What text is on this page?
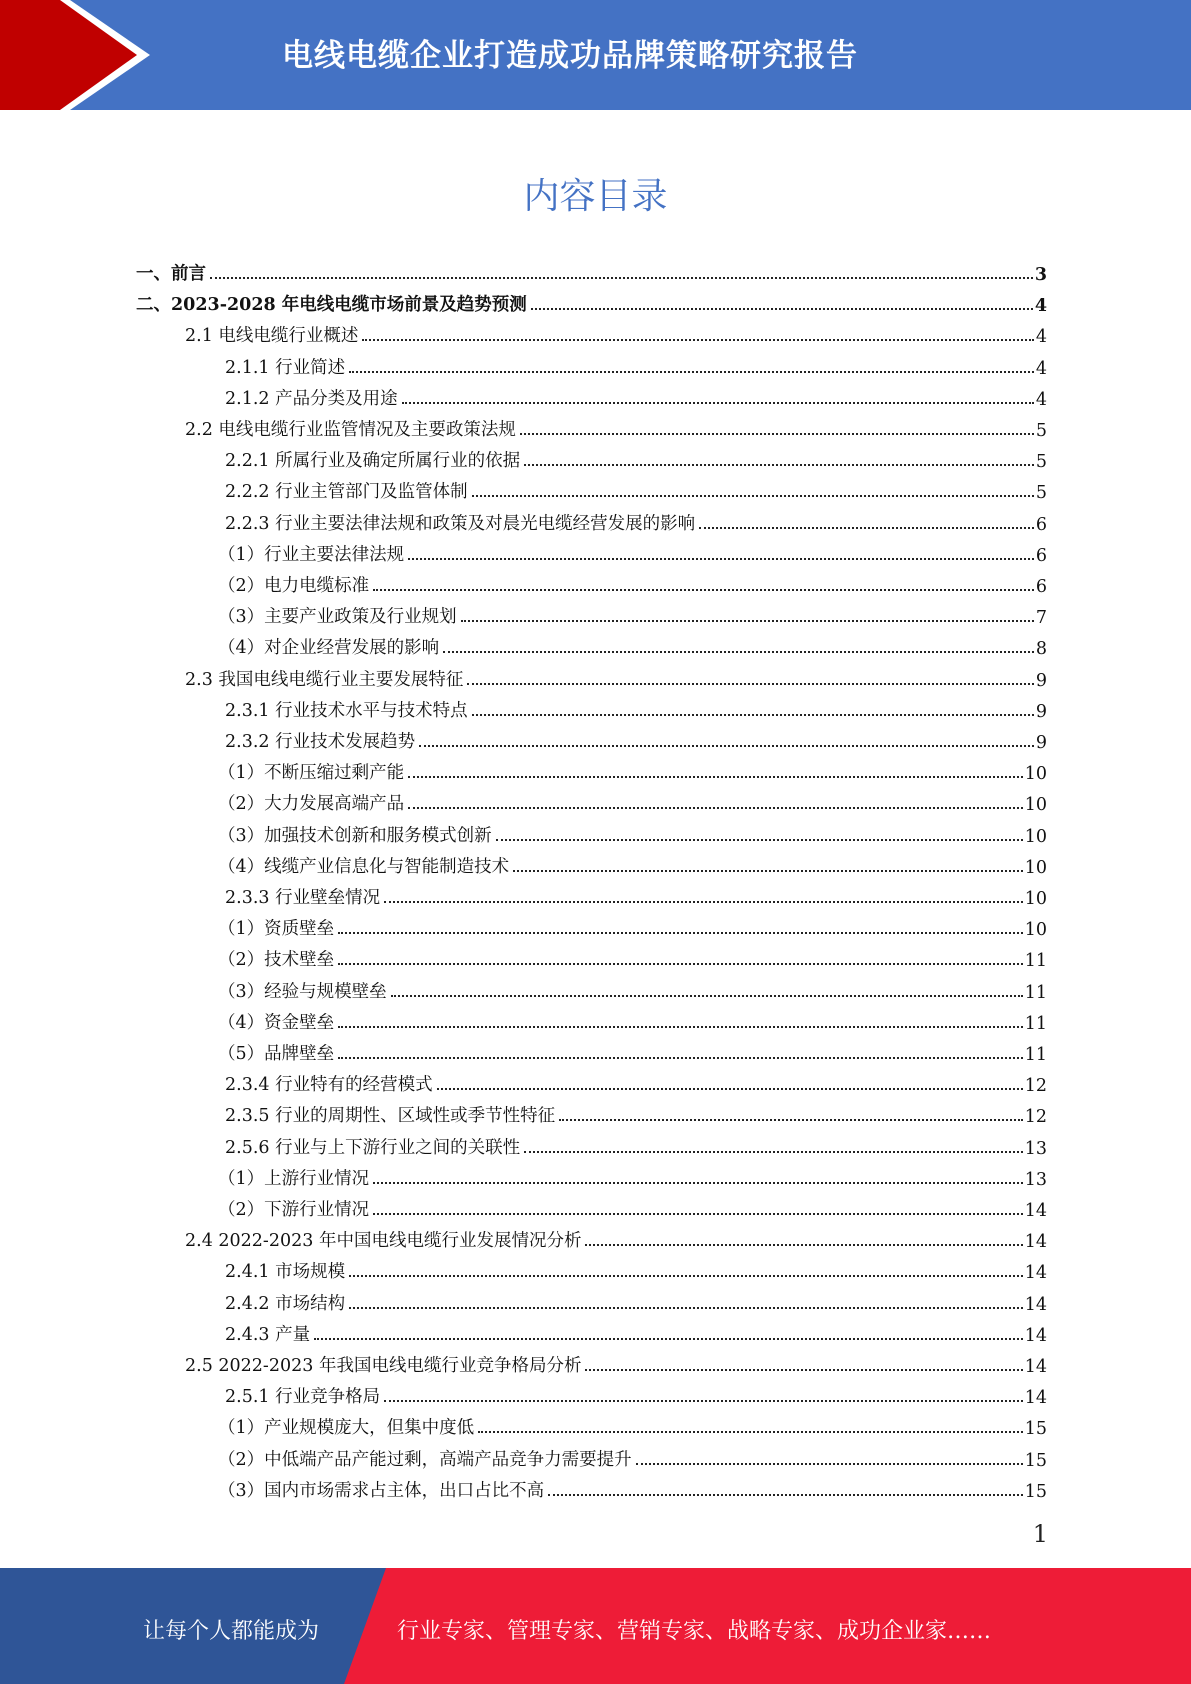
电线电缆企业打造成功品牌策略研究报告
内容目录
一、前言	3
二、2023-2028 年电线电缆市场前景及趋势预测	4
2.1 电线电缆行业概述	4
2.1.1 行业简述	4
2.1.2 产品分类及用途	4
2.2 电线电缆行业监管情况及主要政策法规	5
2.2.1 所属行业及确定所属行业的依据	5
2.2.2 行业主管部门及监管体制	5
2.2.3 行业主要法律法规和政策及对晨光电缆经营发展的影响	6
（1）行业主要法律法规	6
（2）电力电缆标准	6
（3）主要产业政策及行业规划	7
（4）对企业经营发展的影响	8
2.3 我国电线电缆行业主要发展特征	9
2.3.1 行业技术水平与技术特点	9
2.3.2 行业技术发展趋势	9
（1）不断压缩过剩产能	10
（2）大力发展高端产品	10
（3）加强技术创新和服务模式创新	10
（4）线缆产业信息化与智能制造技术	10
2.3.3 行业壁垒情况	10
（1）资质壁垒	10
（2）技术壁垒	11
（3）经验与规模壁垒	11
（4）资金壁垒	11
（5）品牌壁垒	11
2.3.4 行业特有的经营模式	12
2.3.5 行业的周期性、区域性或季节性特征	12
2.5.6 行业与上下游行业之间的关联性	13
（1）上游行业情况	13
（2）下游行业情况	14
2.4 2022-2023 年中国电线电缆行业发展情况分析	14
2.4.1 市场规模	14
2.4.2 市场结构	14
2.4.3 产量	14
2.5 2022-2023 年我国电线电缆行业竞争格局分析	14
2.5.1 行业竞争格局	14
（1）产业规模庞大，但集中度低	15
（2）中低端产品产能过剩，高端产品竞争力需要提升	15
（3）国内市场需求占主体，出口占比不高	15
1
让每个人都能成为	行业专家、管理专家、营销专家、战略专家、成功企业家……
